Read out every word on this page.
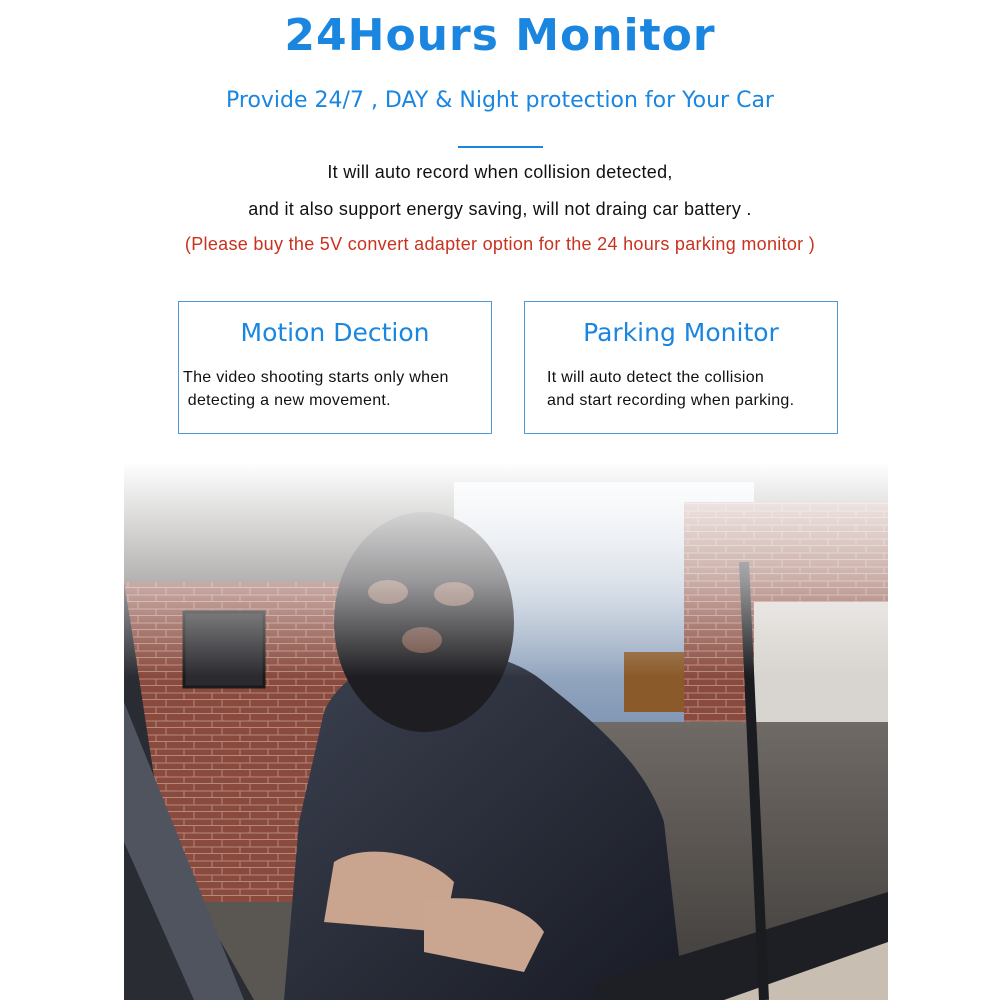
24Hours Monitor

Provide 24/7 , DAY & Night protection for Your Car

It will auto record when collision detected,

and it also support energy saving, will not draing car battery .

(Please buy the 5V convert adapter option for the 24 hours parking monitor )

Motion Dection

The video shooting starts only when
detecting a new movement.

Parking Monitor

It will auto detect the collision
and start recording when parking.
